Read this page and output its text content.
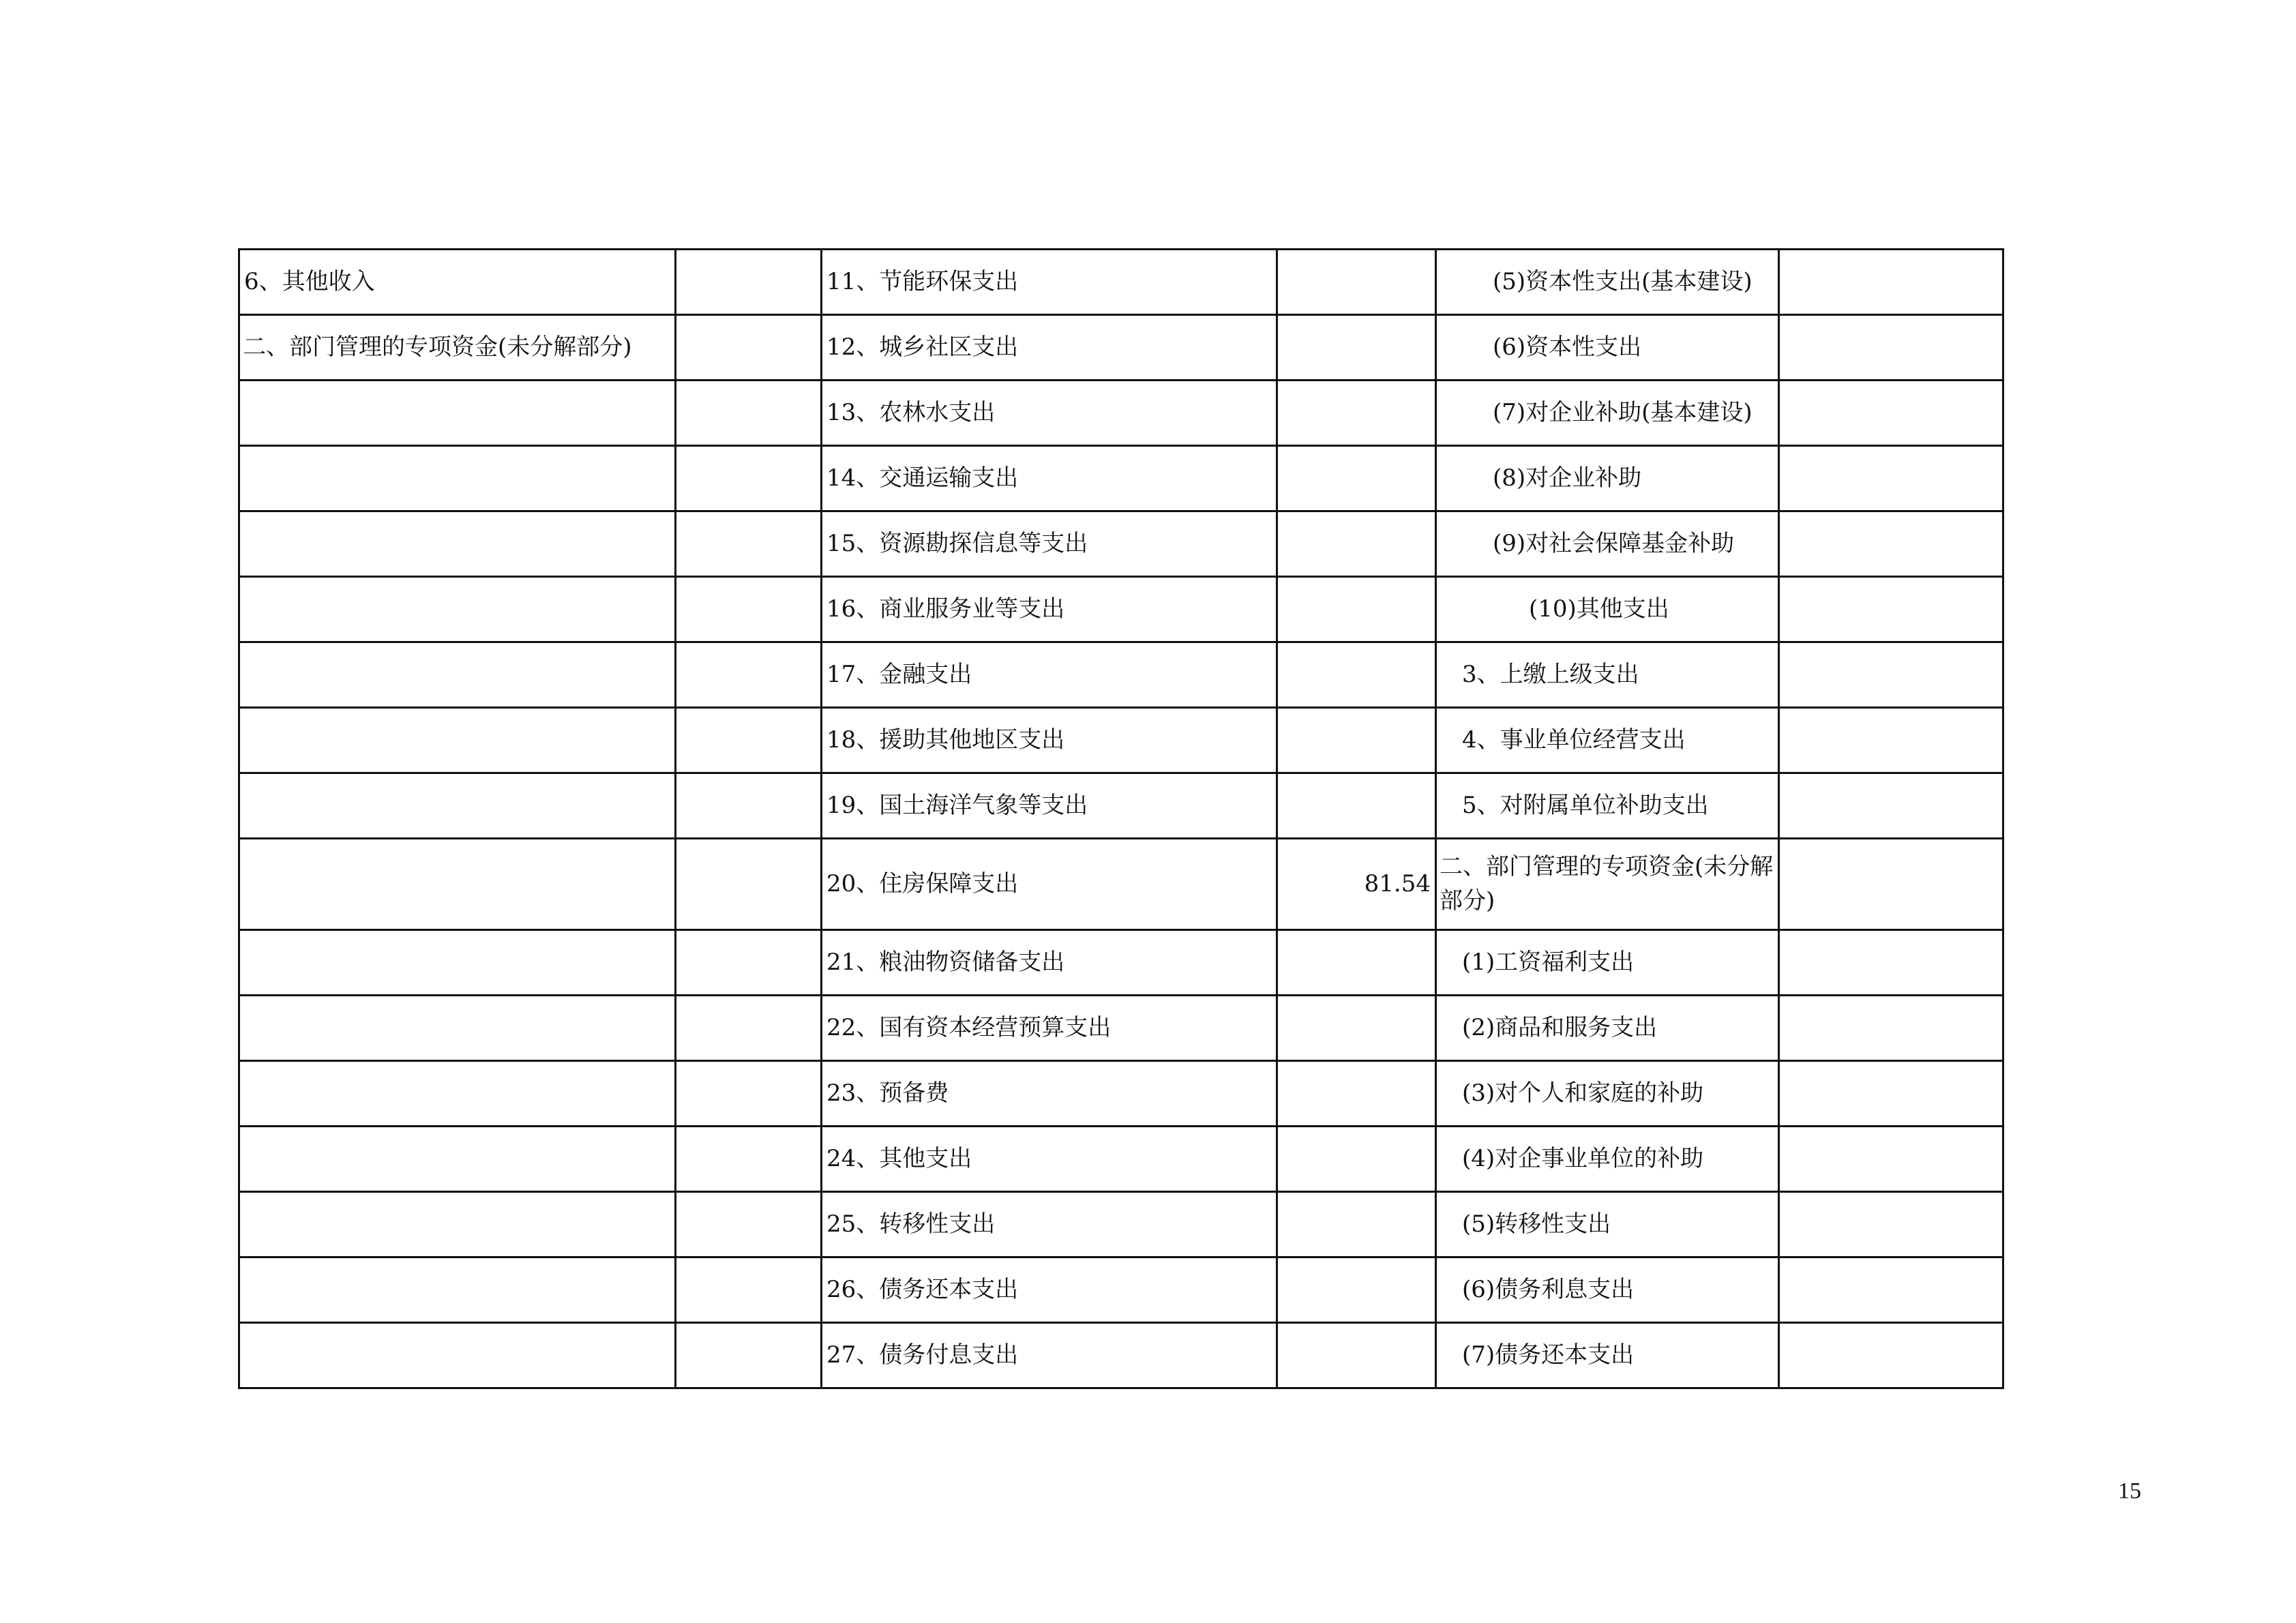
6、其他收入		11、节能环保支出		(5)资本性支出(基本建设)	
二、部门管理的专项资金(未分解部分)		12、城乡社区支出		(6)资本性支出	
		13、农林水支出		(7)对企业补助(基本建设)	
		14、交通运输支出		(8)对企业补助	
		15、资源勘探信息等支出		(9)对社会保障基金补助	
		16、商业服务业等支出		(10)其他支出	
		17、金融支出		3、上缴上级支出	
		18、援助其他地区支出		4、事业单位经营支出	
		19、国土海洋气象等支出		5、对附属单位补助支出	
		20、住房保障支出	81.54	二、部门管理的专项资金(未分解部分)	
		21、粮油物资储备支出		(1)工资福利支出	
		22、国有资本经营预算支出		(2)商品和服务支出	
		23、预备费		(3)对个人和家庭的补助	
		24、其他支出		(4)对企事业单位的补助	
		25、转移性支出		(5)转移性支出	
		26、债务还本支出		(6)债务利息支出	
		27、债务付息支出		(7)债务还本支出	
15
